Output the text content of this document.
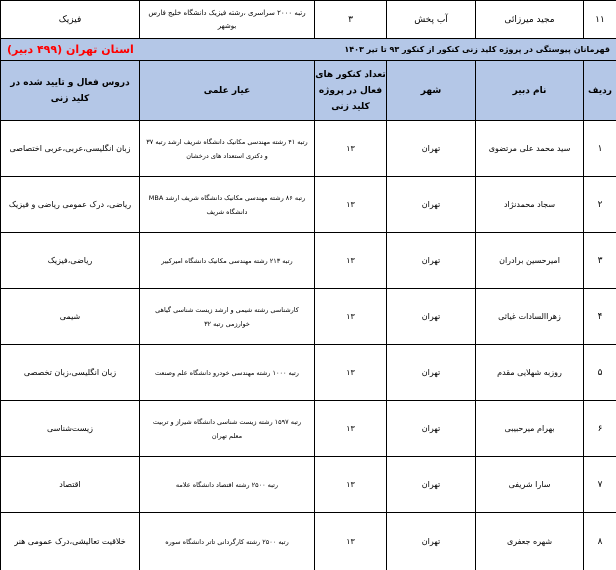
۱۱	مجید میرزائی	آب پخش	۳	رتبه ۲۰۰۰ سراسری ،رشته فیزیک دانشگاه خلیج فارس بوشهر	فیزیک

قهرمانان پیوستگی در پروژه کلید زنی کنکور از کنکور ۹۳ تا تیر ۱۴۰۳
استان تهران (۴۹۹ دبیر)					

ردیف	نام دبیر	شهر	تعداد کنکور های فعال در پروژه کلید زنی	عیار علمی	دروس فعال و تایید شده در کلید زنی
۱	سید محمد علی مرتضوی	تهران	۱۳	رتبه ۴۱ رشته مهندسی مکانیک دانشگاه شریف ارشد رتبه ۳۷ و دکتری استعداد های درخشان	زبان انگلیسی،عربی،عربی اختصاصی
۲	سجاد محمدنژاد	تهران	۱۳	رتبه ۸۶ رشته مهندسی مکانیک دانشگاه شریف ارشد MBA دانشگاه شریف	ریاضی، درک عمومی ریاضی و فیزیک
۳	امیرحسین برادران	تهران	۱۳	رتبه ۲۱۳ رشته مهندسی مکانیک دانشگاه امیرکبیر	ریاضی،فیزیک
۴	زهراالسادات غیاثی	تهران	۱۳	کارشناسی رشته شیمی و ارشد زیست شناسی گیاهی خوارزمی رتبه ۳۲	شیمی
۵	روزبه شهلایی مقدم	تهران	۱۳	رتبه ۱۰۰۰ رشته مهندسی خودرو دانشگاه علم وصنعت	زبان انگلیسی،زبان تخصصی
۶	بهرام میرحبیبی	تهران	۱۳	رتبه ۱۵۹۷ رشته زیست شناسی دانشگاه شیراز و تربیت معلم تهران	زیست‌شناسی
۷	سارا شریفی	تهران	۱۳	رتبه ۲۵۰۰ رشته اقتصاد دانشگاه علامه	اقتصاد
۸	شهره جعفری	تهران	۱۳	رتبه ۲۵۰۰ رشته کارگردانی تاتر دانشگاه سوره	خلاقیت تعالیشی،درک عمومی هنر
